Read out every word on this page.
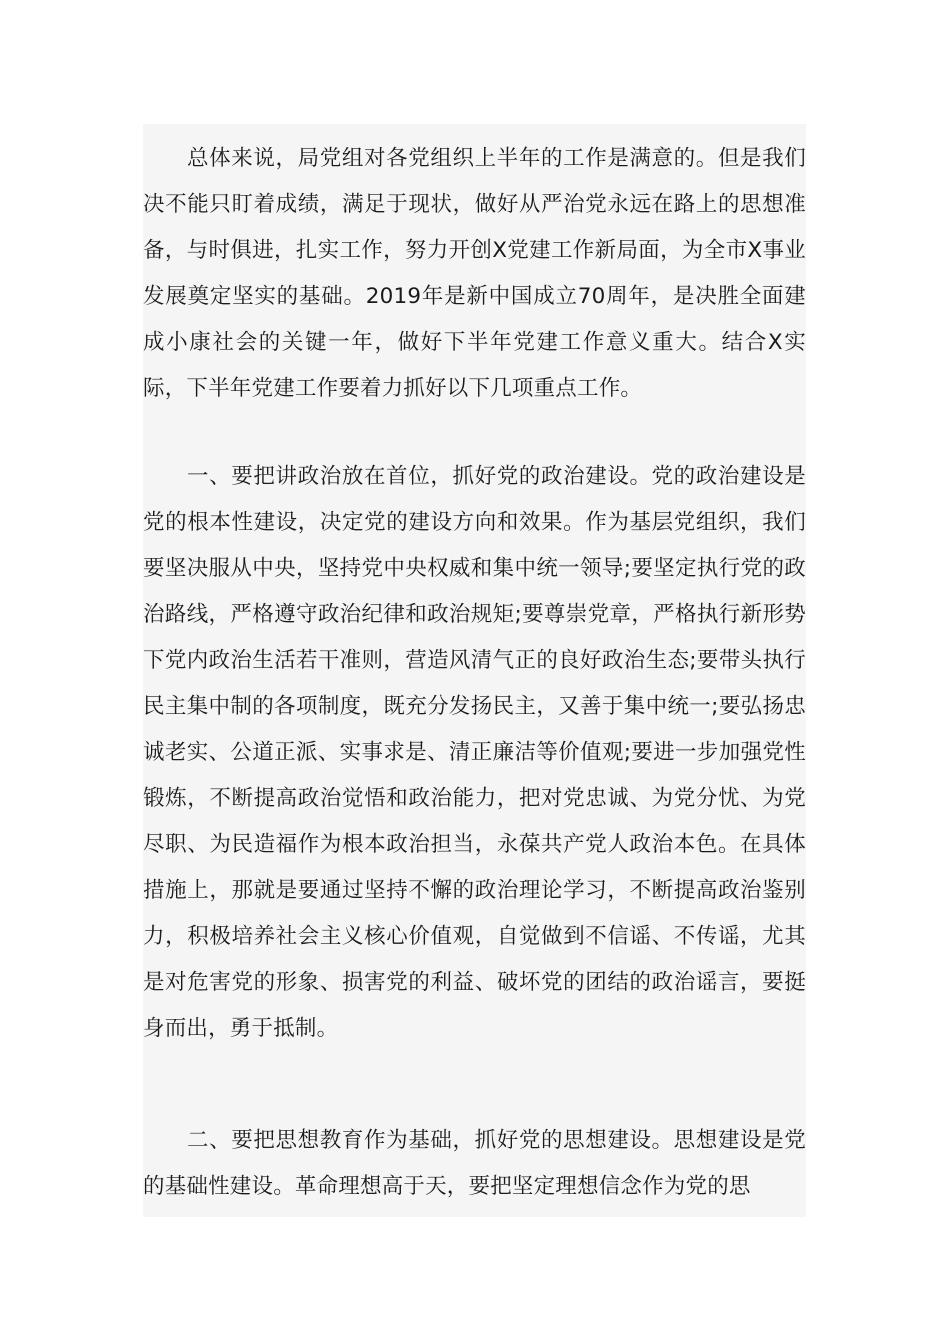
总体来说，局党组对各党组织上半年的工作是满意的。但是我们决不能只盯着成绩，满足于现状，做好从严治党永远在路上的思想准备，与时俱进，扎实工作，努力开创X党建工作新局面，为全市X事业发展奠定坚实的基础。2019年是新中国成立70周年，是决胜全面建成小康社会的关键一年，做好下半年党建工作意义重大。结合X实际，下半年党建工作要着力抓好以下几项重点工作。

一、要把讲政治放在首位，抓好党的政治建设。党的政治建设是党的根本性建设，决定党的建设方向和效果。作为基层党组织，我们要坚决服从中央，坚持党中央权威和集中统一领导;要坚定执行党的政治路线，严格遵守政治纪律和政治规矩;要尊崇党章，严格执行新形势下党内政治生活若干准则，营造风清气正的良好政治生态;要带头执行民主集中制的各项制度，既充分发扬民主，又善于集中统一;要弘扬忠诚老实、公道正派、实事求是、清正廉洁等价值观;要进一步加强党性锻炼，不断提高政治觉悟和政治能力，把对党忠诚、为党分忧、为党尽职、为民造福作为根本政治担当，永葆共产党人政治本色。在具体措施上，那就是要通过坚持不懈的政治理论学习，不断提高政治鉴别力，积极培养社会主义核心价值观，自觉做到不信谣、不传谣，尤其是对危害党的形象、损害党的利益、破坏党的团结的政治谣言，要挺身而出，勇于抵制。

二、要把思想教育作为基础，抓好党的思想建设。思想建设是党的基础性建设。革命理想高于天，要把坚定理想信念作为党的思
